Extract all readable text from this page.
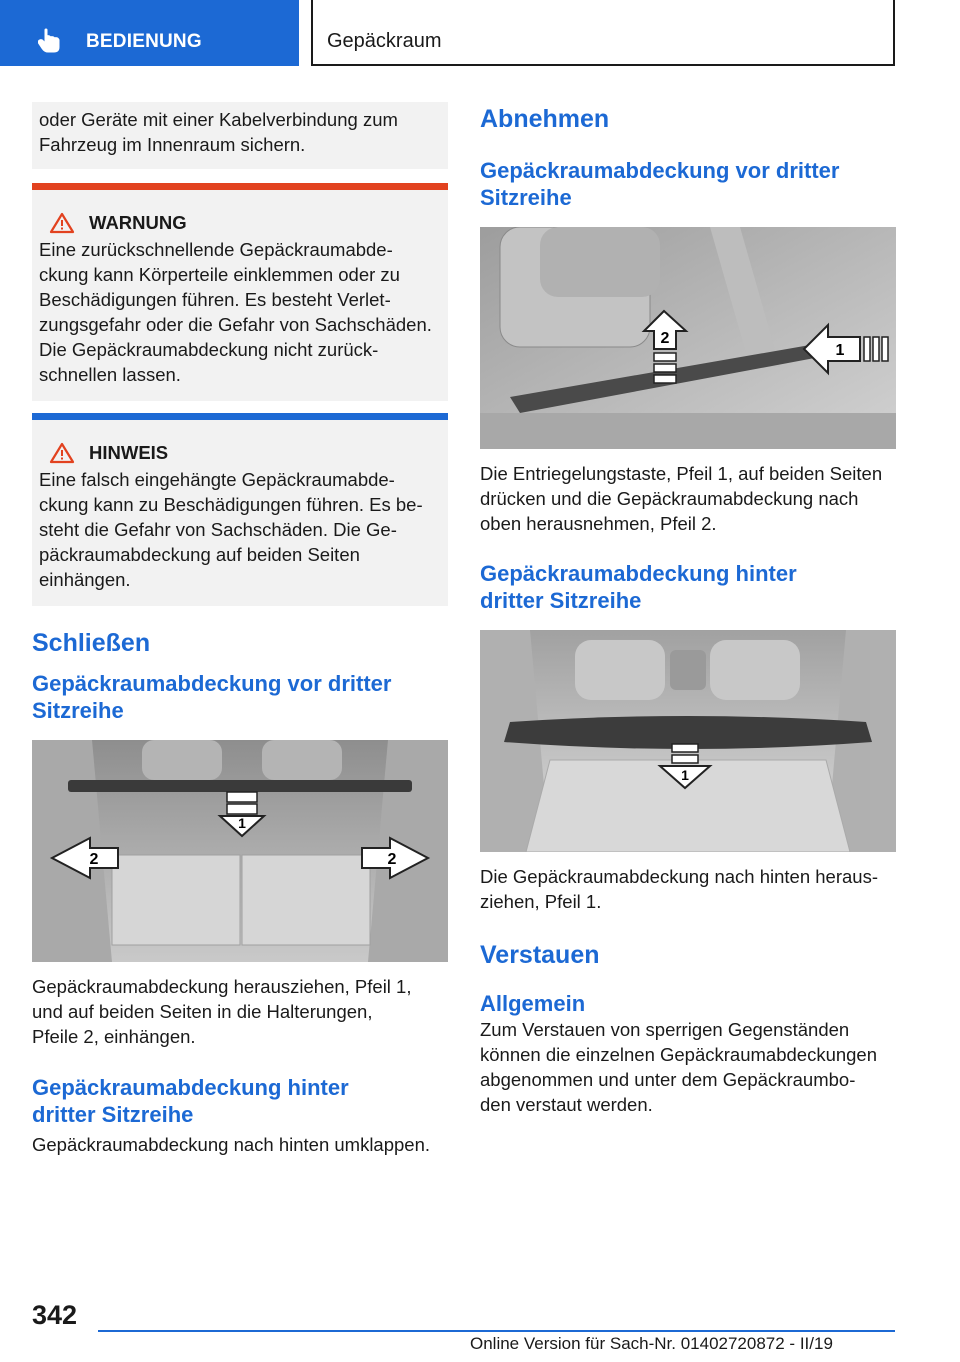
BEDIENUNG	Gepäckraum
oder Geräte mit einer Kabelverbindung zum
Fahrzeug im Innenraum sichern.
WARNUNG
Eine zurückschnellende Gepäckraumabde-
ckung kann Körperteile einklemmen oder zu
Beschädigungen führen. Es besteht Verlet-
zungsgefahr oder die Gefahr von Sachschäden.
Die Gepäckraumabdeckung nicht zurück-
schnellen lassen.
HINWEIS
Eine falsch eingehängte Gepäckraumabde-
ckung kann zu Beschädigungen führen. Es be-
steht die Gefahr von Sachschäden. Die Ge-
päckraumabdeckung auf beiden Seiten
einhängen.
Schließen
Gepäckraumabdeckung vor dritter
Sitzreihe
1
2	2
Gepäckraumabdeckung herausziehen, Pfeil 1,
und auf beiden Seiten in die Halterungen,
Pfeile 2, einhängen.
Gepäckraumabdeckung hinter
dritter Sitzreihe
Gepäckraumabdeckung nach hinten umklappen.
Abnehmen
Gepäckraumabdeckung vor dritter
Sitzreihe
2
1
Die Entriegelungstaste, Pfeil 1, auf beiden Seiten
drücken und die Gepäckraumabdeckung nach
oben herausnehmen, Pfeil 2.
Gepäckraumabdeckung hinter
dritter Sitzreihe
1
Die Gepäckraumabdeckung nach hinten heraus-
ziehen, Pfeil 1.
Verstauen
Allgemein
Zum Verstauen von sperrigen Gegenständen
können die einzelnen Gepäckraumabdeckungen
abgenommen und unter dem Gepäckraumbo-
den verstaut werden.
342
Online Version für Sach-Nr. 01402720872 - II/19
